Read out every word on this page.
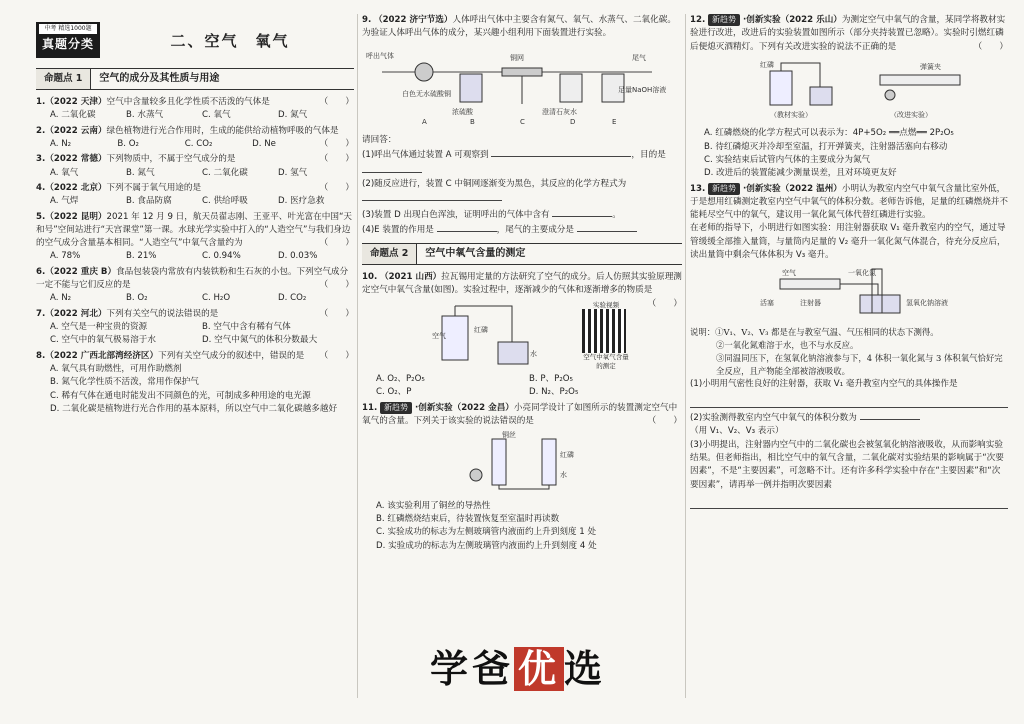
中考 精选1000题
真题分类	二、空气　氧气
命题点 1	空气的成分及其性质与用途
1.（2022 天津）空气中含量较多且化学性质不活泼的气体是	（　　）
A. 二氧化碳	B. 水蒸气	C. 氧气	D. 氮气
2.（2022 云南）绿色植物进行光合作用时，生成的能供给动植物呼吸的气体是
（　　）
A. N₂	B. O₂	C. CO₂	D. Ne
3.（2022 常德）下列物质中，不属于空气成分的是	（　　）
A. 氧气	B. 氮气	C. 二氧化碳	D. 氢气
4.（2022 北京）下列不属于氧气用途的是	（　　）
A. 气焊	B. 食品防腐	C. 供给呼吸	D. 医疗急救
5.（2022 昆明）2021 年 12 月 9 日，航天员翟志刚、王亚平、叶光富在中国“天和号”空间站进行“天宫课堂”第一课。水球光学实验中打入的“人造空气”与我们身边的空气成分含量基本相同。“人造空气”中氧气含量约为	（　　）
A. 78%	B. 21%	C. 0.94%	D. 0.03%
6.（2022 重庆 B）食品包装袋内常放有内装铁粉和生石灰的小包。下列空气成分一定不能与它们反应的是	（　　）
A. N₂	B. O₂	C. H₂O	D. CO₂
7.（2022 河北）下列有关空气的说法错误的是	（　　）
A. 空气是一种宝贵的资源	B. 空气中含有稀有气体
C. 空气中的氧气极易溶于水	D. 空气中氮气的体积分数最大
8.（2022 广西北部湾经济区）下列有关空气成分的叙述中，错误的是 （　　）
A. 氧气具有助燃性，可用作助燃剂
B. 氮气化学性质不活泼，常用作保护气
C. 稀有气体在通电时能发出不同颜色的光，可制成多种用途的电光源
D. 二氧化碳是植物进行光合作用的基本原料，所以空气中二氧化碳越多越好
9. （2022 济宁节选）人体呼出气体中主要含有氮气、氧气、水蒸气、二氧化碳。为验证人体呼出气体的成分，某兴趣小组利用下面装置进行实验。
呼出气体
白色无水硫酸铜
浓硫酸
铜网
澄清石灰水
尾气
足量NaOH溶液
A	B	C	D	E
请回答：
(1)呼出气体通过装置 A 可观察到	，目的是
(2)随反应进行，装置 C 中铜网逐渐变为黑色，其反应的化学方程式为
(3)装置 D 出现白色浑浊，证明呼出的气体中含有	。
(4)E 装置的作用是	，尾气的主要成分是
命题点 2	空气中氧气含量的测定
10. （2021 山西）拉瓦锡用定量的方法研究了空气的成分。后人仿照其实验原理测定空气中氧气含量(如图)。实验过程中，逐渐减少的气体和逐渐增多的物质是
（　　）
空气
红磷
水
实验视频
空气中氧气含量的测定
A. O₂、P₂O₅	B. P、P₂O₅
C. O₂、P	D. N₂、P₂O₅
11. 新趋势 ·创新实验（2022 金昌）小亮同学设计了如图所示的装置测定空气中氧气的含量。下列关于该实验的说法错误的是	（　　）
铜丝
红磷
水
A. 该实验利用了铜丝的导热性
B. 红磷燃烧结束后，待装置恢复至室温时再读数
C. 实验成功的标志为左侧玻璃管内液面约上升到刻度 1 处
D. 实验成功的标志为左侧玻璃管内液面约上升到刻度 4 处
12. 新趋势 ·创新实验（2022 乐山）为测定空气中氧气的含量，某同学将教材实验进行改进，改进后的实验装置如图所示（部分夹持装置已忽略）。实验时引燃红磷后便熄灭酒精灯。下列有关改进实验的说法不正确的是	（　　）
红磷	弹簧夹
（教材实验）	（改进实验）
A. 红磷燃烧的化学方程式可以表示为：4P+5O₂ ══点燃══ 2P₂O₅
B. 待红磷熄灭并冷却至室温，打开弹簧夹，注射器活塞向右移动
C. 实验结束后试管内气体的主要成分为氮气
D. 改进后的装置能减少测量误差，且对环境更友好
13. 新趋势 ·创新实验（2022 温州）小明认为教室内空气中氧气含量比室外低，于是想用红磷测定教室内空气中氧气的体积分数。老师告诉他，足量的红磷燃烧并不能耗尽空气中的氧气，建议用一氧化氮气体代替红磷进行实验。
在老师的指导下，小明进行如图实验：用注射器获取 V₁ 毫升教室内的空气，通过导管缓缓全部推入量筒，与量筒内足量的 V₂ 毫升一氧化氮气体混合，待充分反应后，读出量筒中剩余气体体积为 V₃ 毫升。
空气	一氧化氮
活塞	注射器	氢氧化钠溶液
说明：①V₁、V₂、V₃ 都是在与教室气温、气压相同的状态下测得。
②一氧化氮难溶于水，也不与水反应。
③同温同压下，在氢氧化钠溶液参与下，4 体积一氧化氮与 3 体积氧气恰好完全反应，且产物能全部被溶液吸收。
(1)小明用气密性良好的注射器，获取 V₁ 毫升教室内空气的具体操作是
(2)实验测得教室内空气中氧气的体积分数为
（用 V₁、V₂、V₃ 表示）
(3)小明提出，注射器内空气中的二氧化碳也会被氢氧化钠溶液吸收，从而影响实验结果。但老师指出，相比空气中的氧气含量，二氧化碳对实验结果的影响属于“次要因素”，不是“主要因素”，可忽略不计。还有许多科学实验中存在“主要因素”和“次要因素”，请再举一例并指明次要因素
学爸 优 选
